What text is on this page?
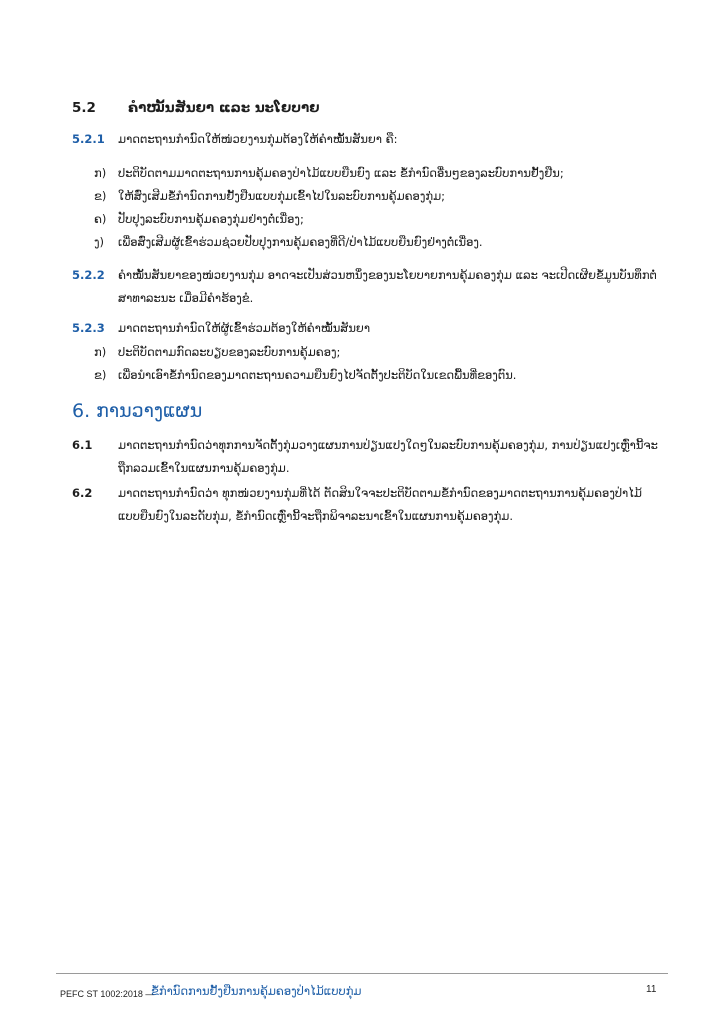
5.2 ຄຳໝັ້ນສັນຍາ ແລະ ນະໂຍບາຍ
5.2.1 ມາດຕະຖານກຳນົດໃຫ້ໜ່ວຍງານກຸ່ມຕ້ອງໃຫ້ຄຳໝັ້ນສັນຍາ ຄື:
ກ) ປະຕິບັດຕາມມາດຕະຖານການຄຸ້ມຄອງປ່າໄມ້ແບບຍືນຍົງ ແລະ ຂໍ້ກຳນົດອື່ນໆຂອງລະບົບການຢັ້ງຢືນ;
ຂ) ໃຫ້ສົ່ງເສີມຂໍ້ກຳນົດການຢັ້ງຢືນແບບກຸ່ມເຂົ້າໄປໃນລະບົບການຄຸ້ມຄອງກຸ່ມ;
ຄ) ປັບປຸງລະບົບການຄຸ້ມຄອງກຸ່ມຢ່າງຕໍ່ເນື່ອງ;
ງ) ເພື່ອສົ່ງເສີມຜູ້ເຂົ້າຮ່ວມຊ່ວຍປັບປຸງການຄຸ້ມຄອງທີ່ດີ/ປ່າໄມ້ແບບຍືນຍົງຢ່າງຕໍ່ເນື່ອງ.
5.2.2 ຄຳໝັ້ນສັນຍາຂອງໜ່ວຍງານກຸ່ມ ອາດຈະເປັນສ່ວນຫນຶ່ງຂອງນະໂຍບາຍການຄຸ້ມຄອງກຸ່ມ ແລະ ຈະເປີດເຜີຍຂໍ້ມູນບັນທຶກຕໍ່ສາທາລະນະ ເມື່ອມີຄຳຮ້ອງຂໍ.
5.2.3 ມາດຕະຖານກຳນົດໃຫ້ຜູ້ເຂົ້າຮ່ວມຕ້ອງໃຫ້ຄຳໝັ້ນສັນຍາ
ກ) ປະຕິບັດຕາມກົດລະບຽບຂອງລະບົບການຄຸ້ມຄອງ;
ຂ) ເພື່ອນຳເອົາຂໍ້ກຳນົດຂອງມາດຕະຖານຄວາມຍືນຍົງໄປຈັດຕັ້ງປະຕິບັດໃນເຂດພື້ນທີ່ຂອງຕົນ.
6. ການວາງແຜນ
6.1 ມາດຕະຖານກຳນົດວ່າທຸກການຈັດຕັ້ງກຸ່ມວາງແຜນການປ່ຽນແປງໃດໆໃນລະບົບການຄຸ້ມຄອງກຸ່ມ, ການປ່ຽນແປງເຫຼົ່ານີ້ຈະຖືກລວມເຂົ້າໃນແຜນການຄຸ້ມຄອງກຸ່ມ.
6.2 ມາດຕະຖານກຳນົດວ່າ ທຸກໜ່ວຍງານກຸ່ມທີ່ໄດ້ ຕັດສິນໃຈຈະປະຕິບັດຕາມຂໍ້ກຳນົດຂອງມາດຕະຖານການຄຸ້ມຄອງປ່າໄມ້ແບບຍືນຍົງໃນລະດັບກຸ່ມ, ຂໍ້ກຳນົດເຫຼົ່ານີ້ຈະຖືກພິຈາລະນາເຂົ້າໃນແຜນການຄຸ້ມຄອງກຸ່ມ.
PEFC ST 1002:2018 —
ຂໍ້ກຳນົດການຢັ້ງຢືນການຄຸ້ມຄອງປ່າໄມ້ແບບກຸ່ມ	11
